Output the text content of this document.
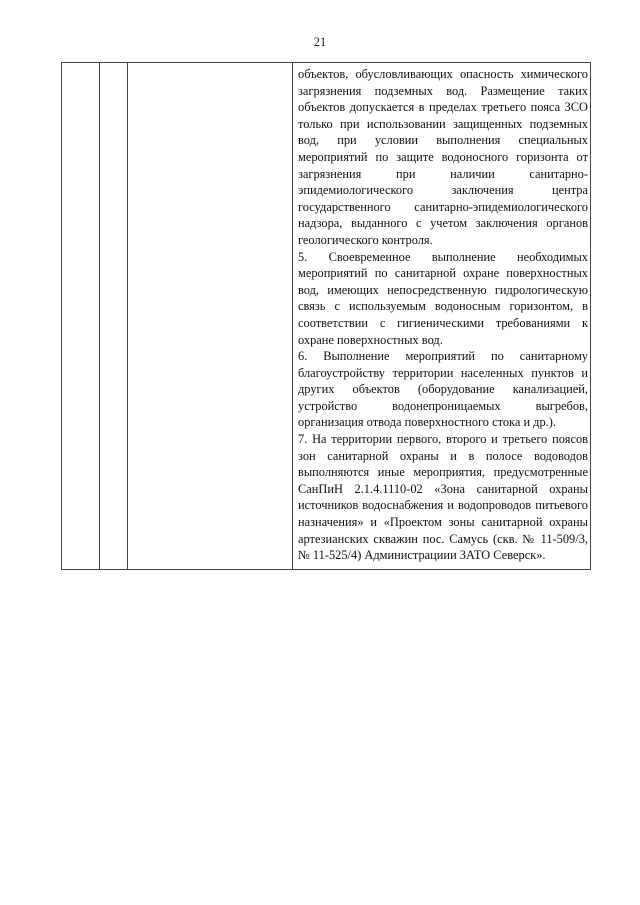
21

объектов, обусловливающих опасность химического загрязнения подземных вод. Размещение таких объектов допускается в пределах третьего пояса ЗСО только при использовании защищенных подземных вод, при условии выполнения специальных мероприятий по защите водоносного горизонта от загрязнения при наличии санитарно-эпидемиологического заключения центра государственного санитарно-эпидемиологического надзора, выданного с учетом заключения органов геологического контроля.

5. Своевременное выполнение необходимых мероприятий по санитарной охране поверхностных вод, имеющих непосредственную гидрологическую связь с используемым водоносным горизонтом, в соответствии с гигиеническими требованиями к охране поверхностных вод.

6. Выполнение мероприятий по санитарному благоустройству территории населенных пунктов и других объектов (оборудование канализацией, устройство водонепроницаемых выгребов, организация отвода поверхностного стока и др.).

7. На территории первого, второго и третьего поясов зон санитарной охраны и в полосе водоводов выполняются иные мероприятия, предусмотренные СанПиН 2.1.4.1110-02 «Зона санитарной охраны источников водоснабжения и водопроводов питьевого назначения» и «Проектом зоны санитарной охраны артезианских скважин пос. Самусь (скв. № 11-509/3, № 11-525/4) Администрациии ЗАТО Северск».
